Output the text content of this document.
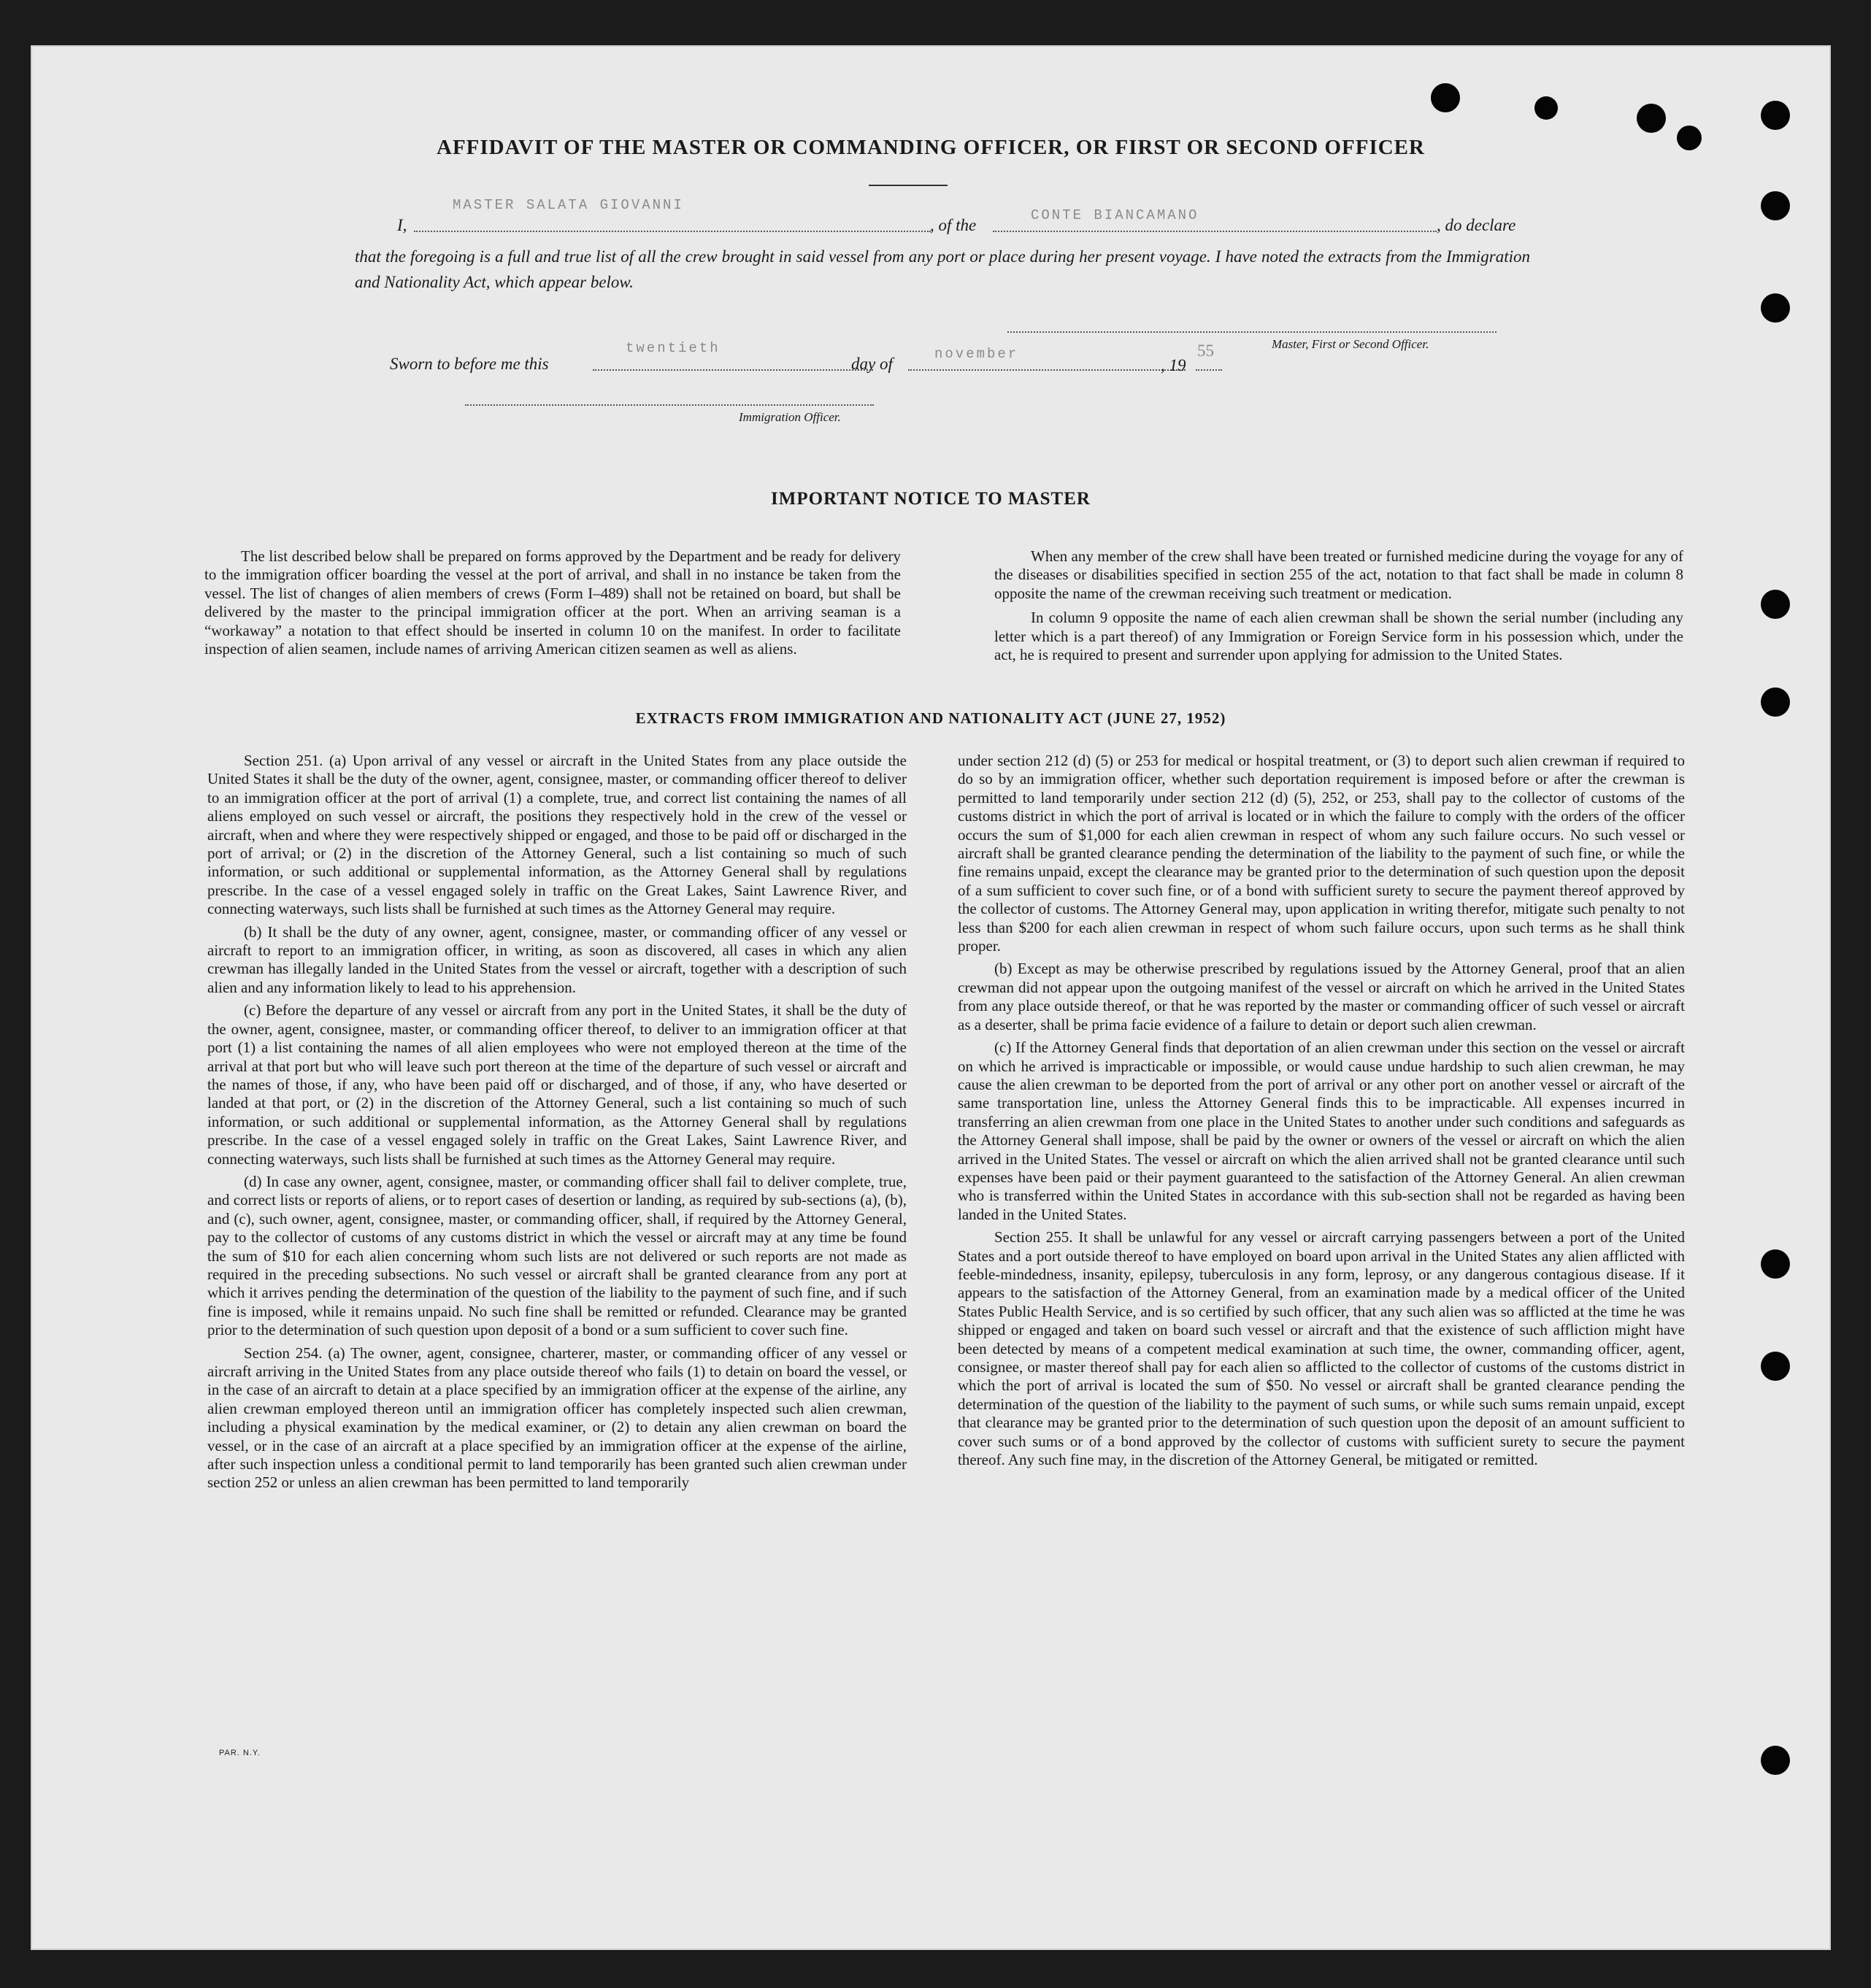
AFFIDAVIT OF THE MASTER OR COMMANDING OFFICER, OR FIRST OR SECOND OFFICER
I,
MASTER SALATA GIOVANNI
, of the
CONTE BIANCAMANO
, do declare
that the foregoing is a full and true list of all the crew brought in said vessel from any port or place during her present voyage. I have noted the extracts from the Immigration and Nationality Act, which appear below.
Master, First or Second Officer.
Sworn to before me this
twentieth
day of
november
, 19
55
Immigration Officer.
IMPORTANT NOTICE TO MASTER

The list described below shall be prepared on forms approved by the Department and be ready for delivery to the immigration officer boarding the vessel at the port of arrival, and shall in no instance be taken from the vessel. The list of changes of alien members of crews (Form I–489) shall not be retained on board, but shall be delivered by the master to the principal immigration officer at the port. When an arriving seaman is a “workaway” a notation to that effect should be inserted in column 10 on the manifest. In order to facilitate inspection of alien seamen, include names of arriving American citizen seamen as well as aliens.

When any member of the crew shall have been treated or furnished medicine during the voyage for any of the diseases or disabilities specified in section 255 of the act, notation to that fact shall be made in column 8 opposite the name of the crewman receiving such treatment or medication.

In column 9 opposite the name of each alien crewman shall be shown the serial number (including any letter which is a part thereof) of any Immigration or Foreign Service form in his possession which, under the act, he is required to present and surrender upon applying for admission to the United States.

EXTRACTS FROM IMMIGRATION AND NATIONALITY ACT (JUNE 27, 1952)

Section 251. (a) Upon arrival of any vessel or aircraft in the United States from any place outside the United States it shall be the duty of the owner, agent, consignee, master, or commanding officer thereof to deliver to an immigration officer at the port of arrival (1) a complete, true, and correct list containing the names of all aliens employed on such vessel or aircraft, the positions they respectively hold in the crew of the vessel or aircraft, when and where they were respectively shipped or engaged, and those to be paid off or discharged in the port of arrival; or (2) in the discretion of the Attorney General, such a list containing so much of such information, or such additional or supplemental information, as the Attorney General shall by regulations prescribe. In the case of a vessel engaged solely in traffic on the Great Lakes, Saint Lawrence River, and connecting waterways, such lists shall be furnished at such times as the Attorney General may require.

(b) It shall be the duty of any owner, agent, consignee, master, or commanding officer of any vessel or aircraft to report to an immigration officer, in writing, as soon as discovered, all cases in which any alien crewman has illegally landed in the United States from the vessel or aircraft, together with a description of such alien and any information likely to lead to his apprehension.

(c) Before the departure of any vessel or aircraft from any port in the United States, it shall be the duty of the owner, agent, consignee, master, or commanding officer thereof, to deliver to an immigration officer at that port (1) a list containing the names of all alien employees who were not employed thereon at the time of the arrival at that port but who will leave such port thereon at the time of the departure of such vessel or aircraft and the names of those, if any, who have been paid off or discharged, and of those, if any, who have deserted or landed at that port, or (2) in the discretion of the Attorney General, such a list containing so much of such information, or such additional or supplemental information, as the Attorney General shall by regulations prescribe. In the case of a vessel engaged solely in traffic on the Great Lakes, Saint Lawrence River, and connecting waterways, such lists shall be furnished at such times as the Attorney General may require.

(d) In case any owner, agent, consignee, master, or commanding officer shall fail to deliver complete, true, and correct lists or reports of aliens, or to report cases of desertion or landing, as required by sub-sections (a), (b), and (c), such owner, agent, consignee, master, or commanding officer, shall, if required by the Attorney General, pay to the collector of customs of any customs district in which the vessel or aircraft may at any time be found the sum of $10 for each alien concerning whom such lists are not delivered or such reports are not made as required in the preceding subsections. No such vessel or aircraft shall be granted clearance from any port at which it arrives pending the determination of the question of the liability to the payment of such fine, and if such fine is imposed, while it remains unpaid. No such fine shall be remitted or refunded. Clearance may be granted prior to the determination of such question upon deposit of a bond or a sum sufficient to cover such fine.

Section 254. (a) The owner, agent, consignee, charterer, master, or commanding officer of any vessel or aircraft arriving in the United States from any place outside thereof who fails (1) to detain on board the vessel, or in the case of an aircraft to detain at a place specified by an immigration officer at the expense of the airline, any alien crewman employed thereon until an immigration officer has completely inspected such alien crewman, including a physical examination by the medical examiner, or (2) to detain any alien crewman on board the vessel, or in the case of an aircraft at a place specified by an immigration officer at the expense of the airline, after such inspection unless a conditional permit to land temporarily has been granted such alien crewman under section 252 or unless an alien crewman has been permitted to land temporarily

under section 212 (d) (5) or 253 for medical or hospital treatment, or (3) to deport such alien crewman if required to do so by an immigration officer, whether such deportation requirement is imposed before or after the crewman is permitted to land temporarily under section 212 (d) (5), 252, or 253, shall pay to the collector of customs of the customs district in which the port of arrival is located or in which the failure to comply with the orders of the officer occurs the sum of $1,000 for each alien crewman in respect of whom any such failure occurs. No such vessel or aircraft shall be granted clearance pending the determination of the liability to the payment of such fine, or while the fine remains unpaid, except the clearance may be granted prior to the determination of such question upon the deposit of a sum sufficient to cover such fine, or of a bond with sufficient surety to secure the payment thereof approved by the collector of customs. The Attorney General may, upon application in writing therefor, mitigate such penalty to not less than $200 for each alien crewman in respect of whom such failure occurs, upon such terms as he shall think proper.

(b) Except as may be otherwise prescribed by regulations issued by the Attorney General, proof that an alien crewman did not appear upon the outgoing manifest of the vessel or aircraft on which he arrived in the United States from any place outside thereof, or that he was reported by the master or commanding officer of such vessel or aircraft as a deserter, shall be prima facie evidence of a failure to detain or deport such alien crewman.

(c) If the Attorney General finds that deportation of an alien crewman under this section on the vessel or aircraft on which he arrived is impracticable or impossible, or would cause undue hardship to such alien crewman, he may cause the alien crewman to be deported from the port of arrival or any other port on another vessel or aircraft of the same transportation line, unless the Attorney General finds this to be impracticable. All expenses incurred in transferring an alien crewman from one place in the United States to another under such conditions and safeguards as the Attorney General shall impose, shall be paid by the owner or owners of the vessel or aircraft on which the alien arrived in the United States. The vessel or aircraft on which the alien arrived shall not be granted clearance until such expenses have been paid or their payment guaranteed to the satisfaction of the Attorney General. An alien crewman who is transferred within the United States in accordance with this sub-section shall not be regarded as having been landed in the United States.

Section 255. It shall be unlawful for any vessel or aircraft carrying passengers between a port of the United States and a port outside thereof to have employed on board upon arrival in the United States any alien afflicted with feeble-mindedness, insanity, epilepsy, tuberculosis in any form, leprosy, or any dangerous contagious disease. If it appears to the satisfaction of the Attorney General, from an examination made by a medical officer of the United States Public Health Service, and is so certified by such officer, that any such alien was so afflicted at the time he was shipped or engaged and taken on board such vessel or aircraft and that the existence of such affliction might have been detected by means of a competent medical examination at such time, the owner, commanding officer, agent, consignee, or master thereof shall pay for each alien so afflicted to the collector of customs of the customs district in which the port of arrival is located the sum of $50. No vessel or aircraft shall be granted clearance pending the determination of the question of the liability to the payment of such sums, or while such sums remain unpaid, except that clearance may be granted prior to the determination of such question upon the deposit of an amount sufficient to cover such sums or of a bond approved by the collector of customs with sufficient surety to secure the payment thereof. Any such fine may, in the discretion of the Attorney General, be mitigated or remitted.

PAR. N.Y.
